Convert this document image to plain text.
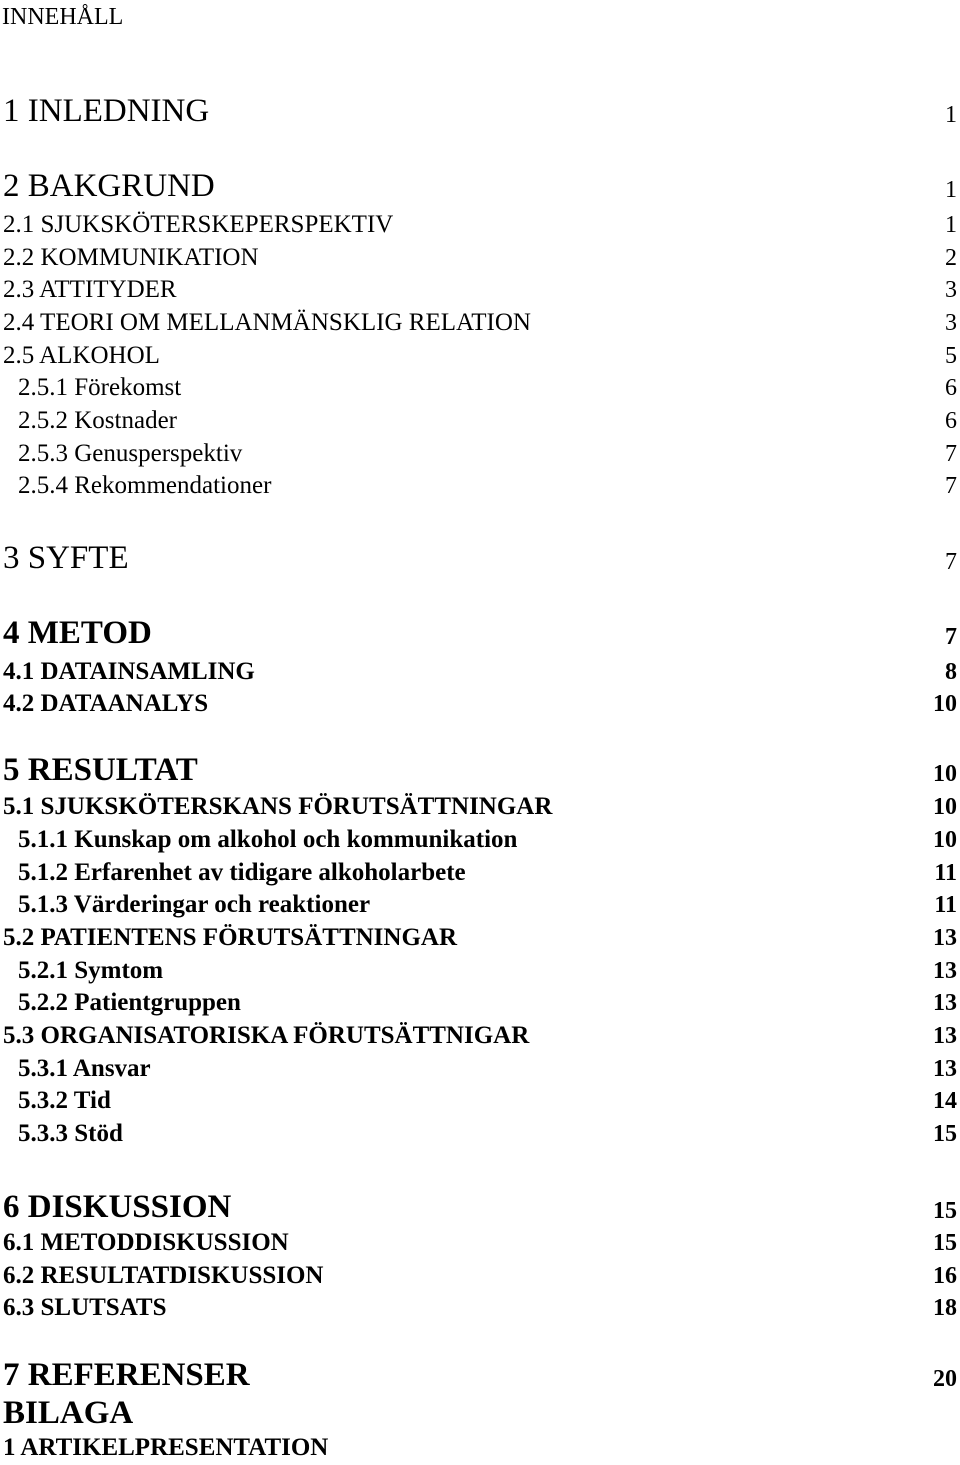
INNEHÅLL
1 INLEDNING	1
2 BAKGRUND	1
2.1 SJUKSKÖTERSKEPERSPEKTIV	1
2.2 KOMMUNIKATION	2
2.3 ATTITYDER	3
2.4 TEORI OM MELLANMÄNSKLIG RELATION	3
2.5 ALKOHOL	5
2.5.1 Förekomst	6
2.5.2 Kostnader	6
2.5.3 Genusperspektiv	7
2.5.4 Rekommendationer	7
3 SYFTE	7
4 METOD	7
4.1 DATAINSAMLING	8
4.2 DATAANALYS	10
5 RESULTAT	10
5.1 SJUKSKÖTERSKANS FÖRUTSÄTTNINGAR	10
5.1.1 Kunskap om alkohol och kommunikation	10
5.1.2 Erfarenhet av tidigare alkoholarbete	11
5.1.3 Värderingar och reaktioner	11
5.2 PATIENTENS FÖRUTSÄTTNINGAR	13
5.2.1 Symtom	13
5.2.2 Patientgruppen	13
5.3 ORGANISATORISKA FÖRUTSÄTTNIGAR	13
5.3.1 Ansvar	13
5.3.2 Tid	14
5.3.3 Stöd	15
6 DISKUSSION	15
6.1 METODDISKUSSION	15
6.2 RESULTATDISKUSSION	16
6.3 SLUTSATS	18
7 REFERENSER	20
BILAGA
1 ARTIKELPRESENTATION
